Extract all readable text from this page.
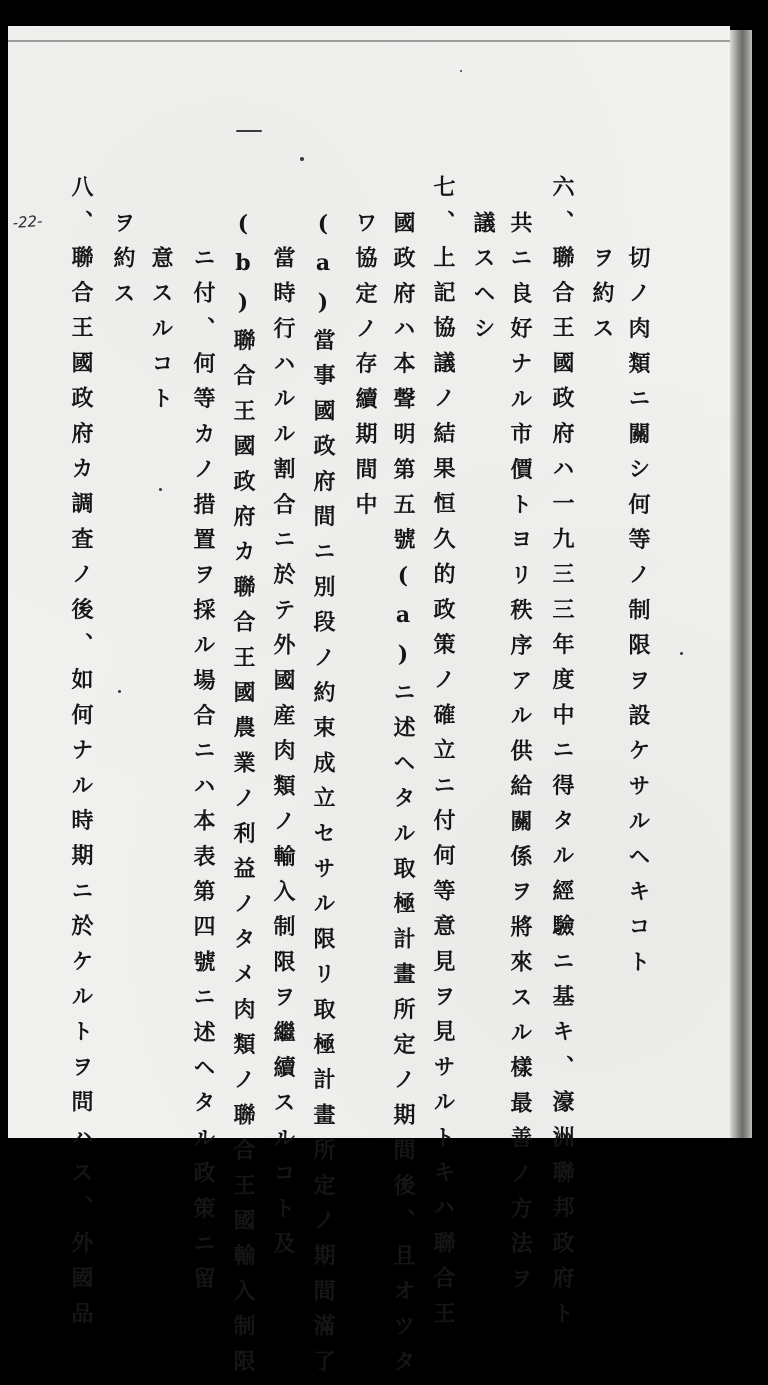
-22-
切ノ肉類ニ關シ何等ノ制限ヲ設ケサルヘキコト
ヲ約ス
六、聯合王國政府ハ一九三三年度中ニ得タル經驗ニ基キ、濠洲聯邦政府ト
共ニ良好ナル市價トヨリ秩序アル供給關係ヲ將來スル樣最善ノ方法ヲ
議スヘシ
七、上記協議ノ結果恒久的政策ノ確立ニ付何等意見ヲ見サルトキハ聯合王
國政府ハ本聲明第五號(a)ニ述ヘタル取極計畫所定ノ期間後、且オツタ
ワ協定ノ存續期間中
(a)當事國政府間ニ別段ノ約束成立セサル限リ取極計畫所定ノ期間滿了
當時行ハルル割合ニ於テ外國産肉類ノ輸入制限ヲ繼續スルコト及
(b)聯合王國政府カ聯合王國農業ノ利益ノタメ肉類ノ聯合王國輸入制限
ニ付、何等カノ措置ヲ採ル場合ニハ本表第四號ニ述ヘタル政策ニ留
意スルコト
ヲ約ス
八、聯合王國政府カ調査ノ後、如何ナル時期ニ於ケルトヲ問ハス、外國品
